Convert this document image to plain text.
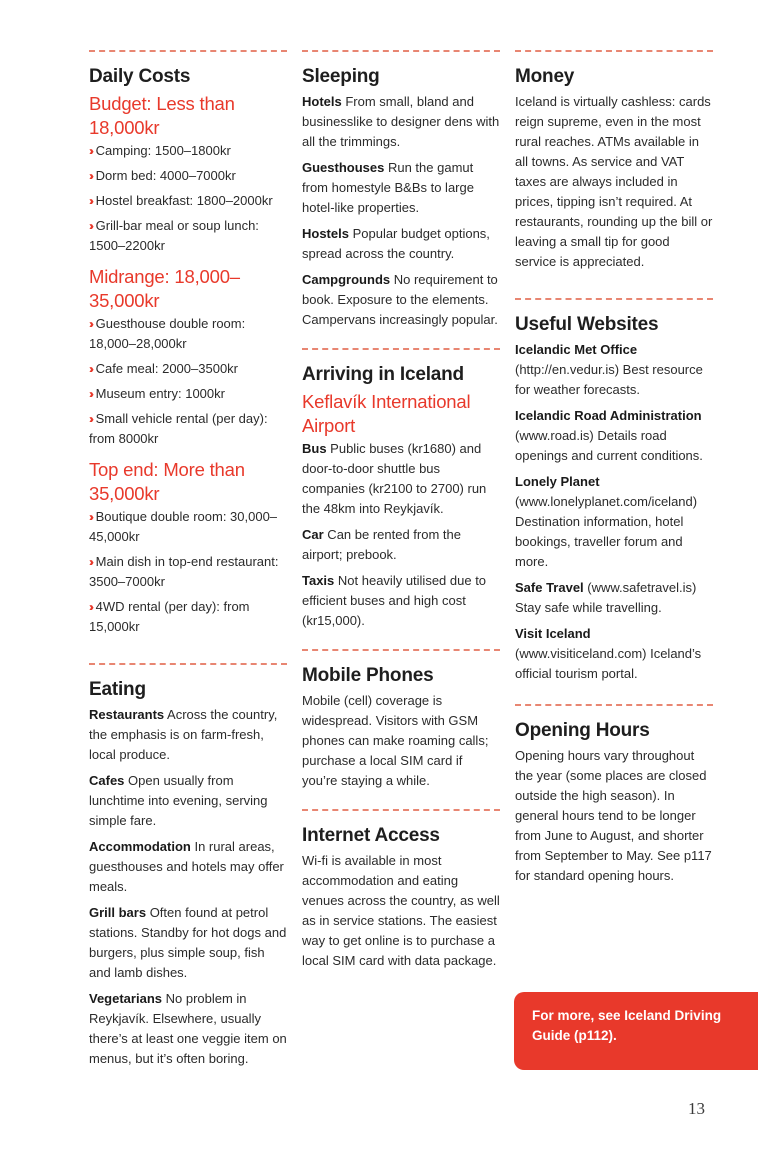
Daily Costs
Budget: Less than 18,000kr
›› Camping: 1500–1800kr
›› Dorm bed: 4000–7000kr
›› Hostel breakfast: 1800–2000kr
›› Grill-bar meal or soup lunch: 1500–2200kr
Midrange: 18,000–35,000kr
›› Guesthouse double room: 18,000–28,000kr
›› Cafe meal: 2000–3500kr
›› Museum entry: 1000kr
›› Small vehicle rental (per day): from 8000kr
Top end: More than 35,000kr
›› Boutique double room: 30,000–45,000kr
›› Main dish in top-end restaurant: 3500–7000kr
›› 4WD rental (per day): from 15,000kr
Eating

Restaurants Across the country, the emphasis is on farm-fresh, local produce.

Cafes Open usually from lunchtime into evening, serving simple fare.

Accommodation In rural areas, guesthouses and hotels may offer meals.

Grill bars Often found at petrol stations. Standby for hot dogs and burgers, plus simple soup, fish and lamb dishes.

Vegetarians No problem in Reykjavík. Elsewhere, usually there’s at least one veggie item on menus, but it’s often boring.

Sleeping

Hotels From small, bland and businesslike to designer dens with all the trimmings.

Guesthouses Run the gamut from homestyle B&Bs to large hotel-like properties.

Hostels Popular budget options, spread across the country.

Campgrounds No requirement to book. Exposure to the elements. Campervans increasingly popular.

Arriving in Iceland
Keflavík International Airport

Bus Public buses (kr1680) and door-to-door shuttle bus companies (kr2100 to 2700) run the 48km into Reykjavík.

Car Can be rented from the airport; prebook.

Taxis Not heavily utilised due to efficient buses and high cost (kr15,000).

Mobile Phones

Mobile (cell) coverage is widespread. Visitors with GSM phones can make roaming calls; purchase a local SIM card if you’re staying a while.

Internet Access

Wi-fi is available in most accommodation and eating venues across the country, as well as in service stations. The easiest way to get online is to purchase a local SIM card with data package.

Money

Iceland is virtually cashless: cards reign supreme, even in the most rural reaches. ATMs available in all towns. As service and VAT taxes are always included in prices, tipping isn’t required. At restaurants, rounding up the bill or leaving a small tip for good service is appreciated.

Useful Websites

Icelandic Met Office (http://en.vedur.is) Best resource for weather forecasts.

Icelandic Road Administration (www.road.is) Details road openings and current conditions.

Lonely Planet (www.lonelyplanet.com/iceland) Destination information, hotel bookings, traveller forum and more.

Safe Travel (www.safetravel.is) Stay safe while travelling.

Visit Iceland (www.visiticeland.com) Iceland’s official tourism portal.

Opening Hours

Opening hours vary throughout the year (some places are closed outside the high season). In general hours tend to be longer from June to August, and shorter from September to May. See p117 for standard opening hours.

For more, see Iceland Driving Guide (p112).
13
